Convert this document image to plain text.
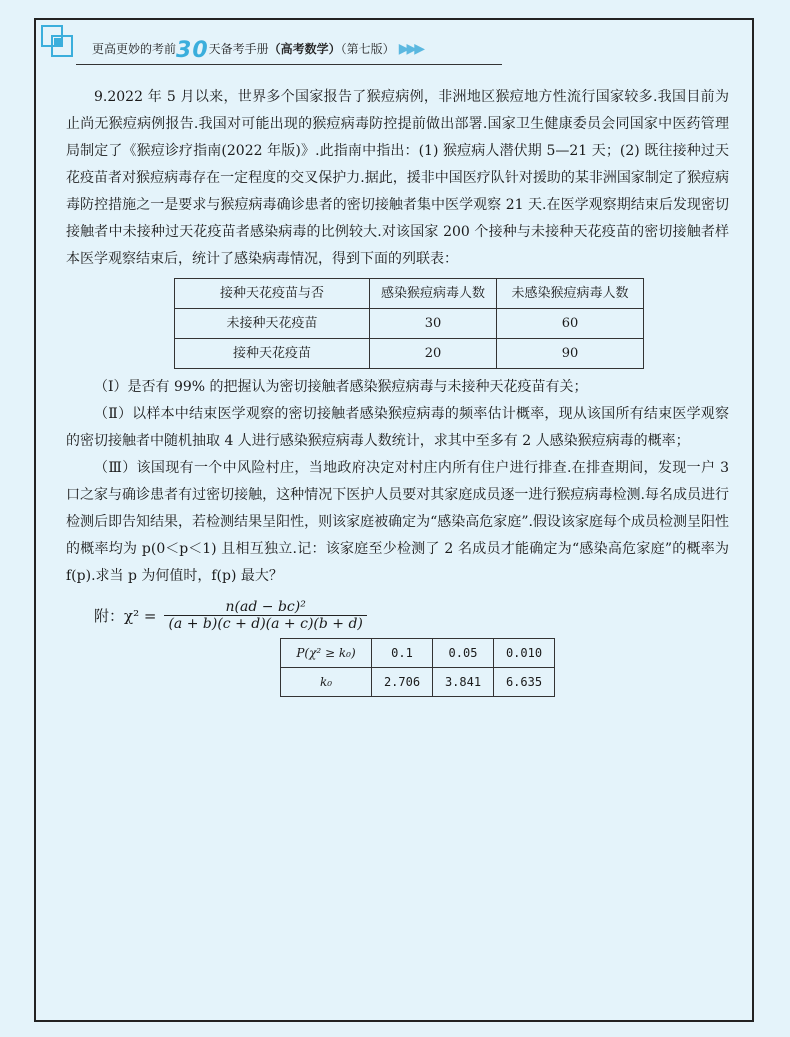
更高更妙的考前30天备考手册（高考数学）（第七版） ▶▶▶

9.2022 年 5 月以来，世界多个国家报告了猴痘病例，非洲地区猴痘地方性流行国家较多.我国目前为止尚无猴痘病例报告.我国对可能出现的猴痘病毒防控提前做出部署.国家卫生健康委员会同国家中医药管理局制定了《猴痘诊疗指南(2022 年版)》.此指南中指出：(1) 猴痘病人潜伏期 5—21 天；(2) 既往接种过天花疫苗者对猴痘病毒存在一定程度的交叉保护力.据此，援非中国医疗队针对援助的某非洲国家制定了猴痘病毒防控措施之一是要求与猴痘病毒确诊患者的密切接触者集中医学观察 21 天.在医学观察期结束后发现密切接触者中未接种过天花疫苗者感染病毒的比例较大.对该国家 200 个接种与未接种天花疫苗的密切接触者样本医学观察结束后，统计了感染病毒情况，得到下面的列联表：

接种天花疫苗与否	感染猴痘病毒人数	未感染猴痘病毒人数
未接种天花疫苗	30	60
接种天花疫苗	20	90

（Ⅰ）是否有 99% 的把握认为密切接触者感染猴痘病毒与未接种天花疫苗有关；

（Ⅱ）以样本中结束医学观察的密切接触者感染猴痘病毒的频率估计概率，现从该国所有结束医学观察的密切接触者中随机抽取 4 人进行感染猴痘病毒人数统计，求其中至多有 2 人感染猴痘病毒的概率；

（Ⅲ）该国现有一个中风险村庄，当地政府决定对村庄内所有住户进行排查.在排查期间，发现一户 3 口之家与确诊患者有过密切接触，这种情况下医护人员要对其家庭成员逐一进行猴痘病毒检测.每名成员进行检测后即告知结果，若检测结果呈阳性，则该家庭被确定为“感染高危家庭”.假设该家庭每个成员检测呈阳性的概率均为 p(0＜p＜1) 且相互独立.记：该家庭至少检测了 2 名成员才能确定为“感染高危家庭”的概率为 f(p).求当 p 为何值时，f(p) 最大？

附：$\chi^2 = \frac{\text{n(ad − bc)²}}{(a + b)(c + d)(a + c)(b + d)}$
P(χ² ≥ k₀)	0.1	0.05	0.010
k₀	2.706	3.841	6.635
